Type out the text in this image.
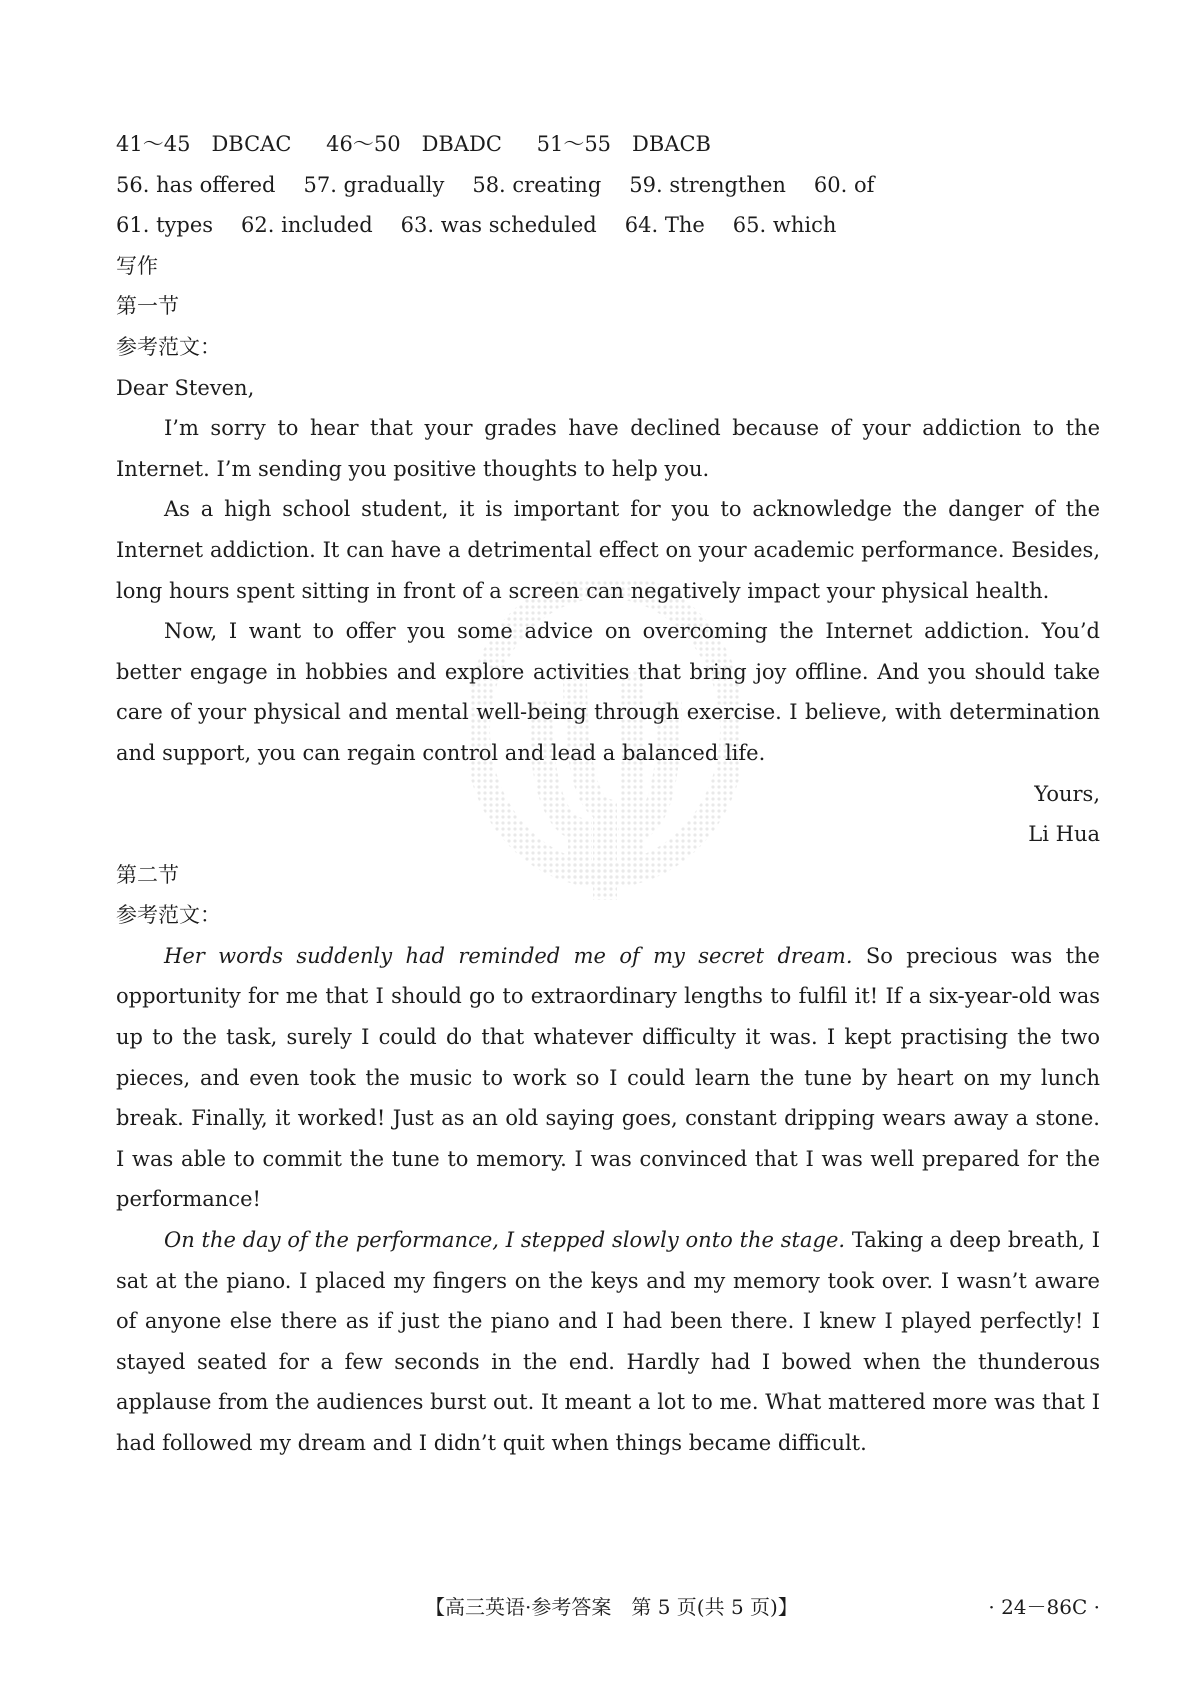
41～45　 DBCAC 46～50　 DBADC 51～55　 DBACB
56. has offered 57. gradually 58. creating 59. strengthen 60. of
61. types 62. included 63. was scheduled 64. The 65. which
写作
第一节
参考范文：
Dear Steven,

I’m sorry to hear that your grades have declined because of your addiction to the Internet. I’m sending you positive thoughts to help you.

As a high school student, it is important for you to acknowledge the danger of the Internet addiction. It can have a detrimental effect on your academic performance. Besides, long hours spent sitting in front of a screen can negatively impact your physical health.

Now, I want to offer you some advice on overcoming the Internet addiction. You’d better engage in hobbies and explore activities that bring joy offline. And you should take care of your physical and mental well-being through exercise. I believe, with determination and support, you can regain control and lead a balanced life.

Yours,
Li Hua
第二节
参考范文：

Her words suddenly had reminded me of my secret dream. So precious was the opportunity for me that I should go to extraordinary lengths to fulfil it! If a six-year-old was up to the task, surely I could do that whatever difficulty it was. I kept practising the two pieces, and even took the music to work so I could learn the tune by heart on my lunch break. Finally, it worked! Just as an old saying goes, constant dripping wears away a stone. I was able to commit the tune to memory. I was convinced that I was well prepared for the performance!

On the day of the performance, I stepped slowly onto the stage. Taking a deep breath, I sat at the piano. I placed my fingers on the keys and my memory took over. I wasn’t aware of anyone else there as if just the piano and I had been there. I knew I played perfectly! I stayed seated for a few seconds in the end. Hardly had I bowed when the thunderous applause from the audiences burst out. It meant a lot to me. What mattered more was that I had followed my dream and I didn’t quit when things became difficult.

【高三英语·参考答案　第 5 页(共 5 页)】	· 24－86C ·
